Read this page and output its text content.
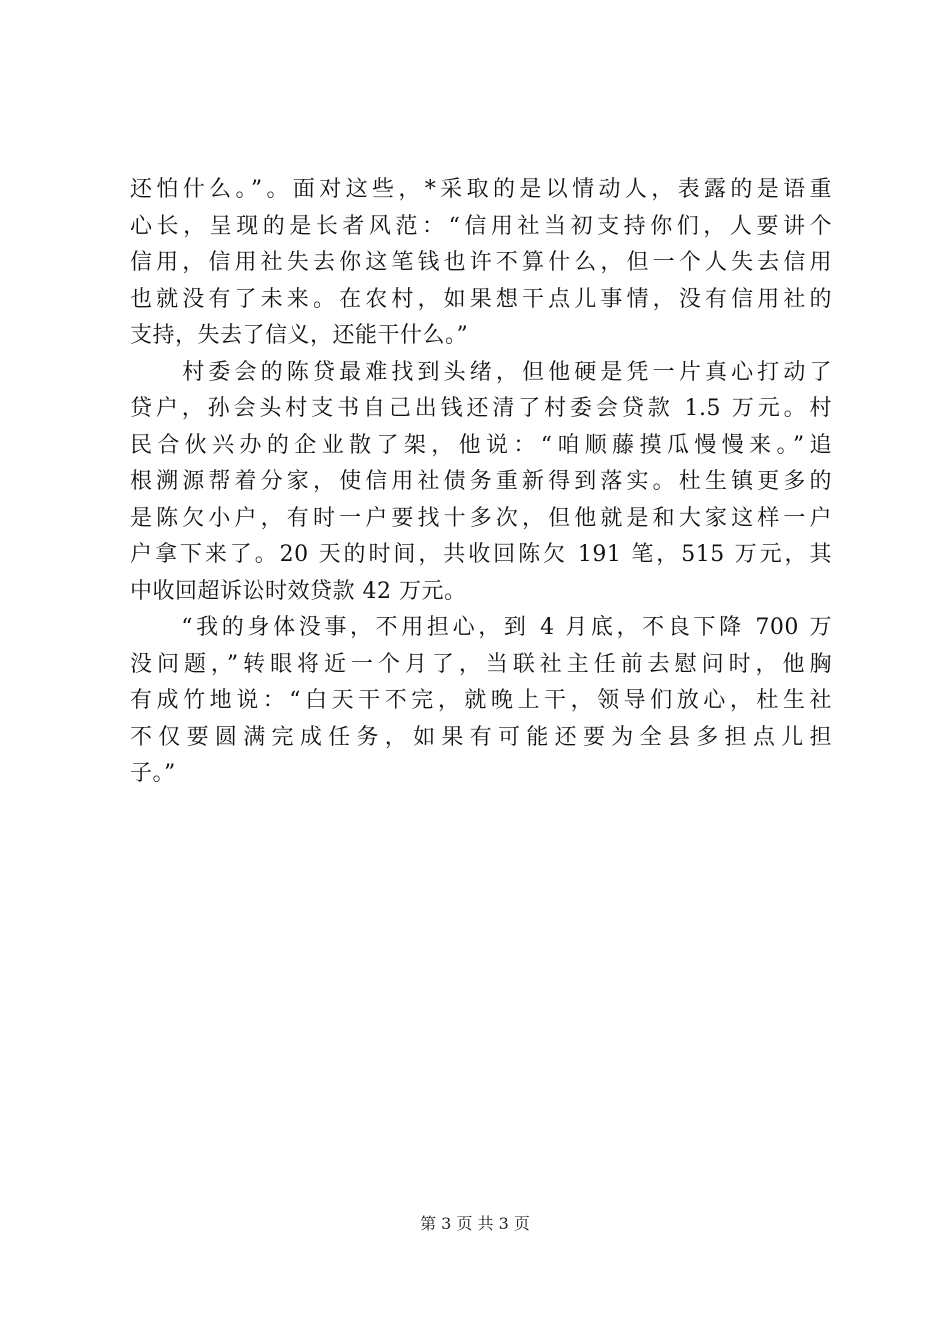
还怕什么。”。面对这些，*采取的是以情动人，表露的是语重
心长，呈现的是长者风范：“信用社当初支持你们，人要讲个
信用，信用社失去你这笔钱也许不算什么，但一个人失去信用
也就没有了未来。在农村，如果想干点儿事情，没有信用社的
支持，失去了信义，还能干什么。”

　　村委会的陈贷最难找到头绪，但他硬是凭一片真心打动了
贷户，孙会头村支书自己出钱还清了村委会贷款 1.5 万元。村
民合伙兴办的企业散了架，他说：“咱顺藤摸瓜慢慢来。”追
根溯源帮着分家，使信用社债务重新得到落实。杜生镇更多的
是陈欠小户，有时一户要找十多次，但他就是和大家这样一户
户拿下来了。20 天的时间，共收回陈欠 191 笔，515 万元，其
中收回超诉讼时效贷款 42 万元。

　　“我的身体没事，不用担心，到 4 月底，不良下降 700 万
没问题，”转眼将近一个月了，当联社主任前去慰问时，他胸
有成竹地说：“白天干不完，就晚上干，领导们放心，杜生社
不仅要圆满完成任务，如果有可能还要为全县多担点儿担
子。”

第 3 页 共 3 页
